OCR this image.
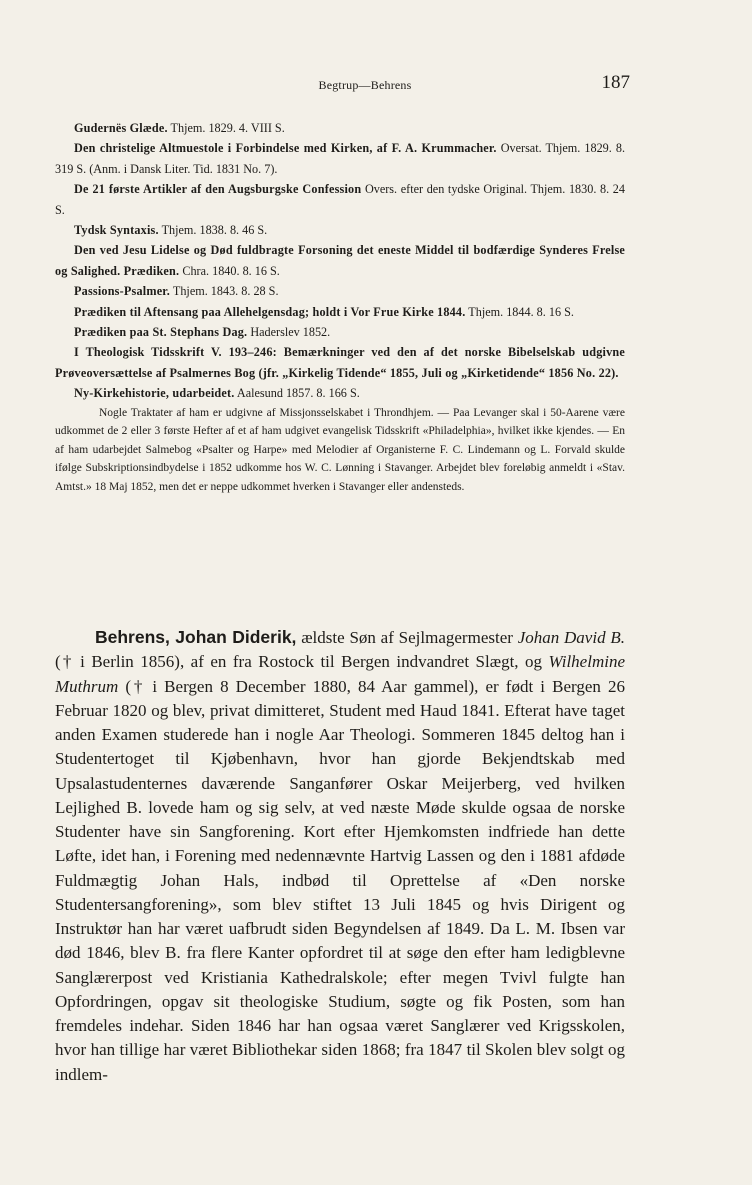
Begtrup—Behrens	187

Gudernës Glæde. Thjem. 1829. 4. VIII S.

Den christelige Altmuestole i Forbindelse med Kirken, af F. A. Krummacher. Oversat. Thjem. 1829. 8. 319 S. (Anm. i Dansk Liter. Tid. 1831 No. 7).

De 21 første Artikler af den Augsburgske Confession Overs. efter den tydske Original. Thjem. 1830. 8. 24 S.

Tydsk Syntaxis. Thjem. 1838. 8. 46 S.

Den ved Jesu Lidelse og Død fuldbragte Forsoning det eneste Middel til bodfærdige Synderes Frelse og Salighed. Prædiken. Chra. 1840. 8. 16 S.

Passions-Psalmer. Thjem. 1843. 8. 28 S.

Prædiken til Aftensang paa Allehelgensdag; holdt i Vor Frue Kirke 1844. Thjem. 1844. 8. 16 S.

Prædiken paa St. Stephans Dag. Haderslev 1852.

I Theologisk Tidsskrift V. 193–246: Bemærkninger ved den af det norske Bibelselskab udgivne Prøveoversættelse af Psalmernes Bog (jfr. „Kirkelig Tidende“ 1855, Juli og „Kirketidende“ 1856 No. 22).

Ny-Kirkehistorie, udarbeidet. Aalesund 1857. 8. 166 S.

Nogle Traktater af ham er udgivne af Missjonsselskabet i Throndhjem. — Paa Levanger skal i 50-Aarene være udkommet de 2 eller 3 første Hefter af et af ham udgivet evangelisk Tidsskrift «Philadelphia», hvilket ikke kjendes. — En af ham udarbejdet Salmebog «Psalter og Harpe» med Melodier af Organisterne F. C. Lindemann og L. Forvald skulde ifølge Subskriptionsindbydelse i 1852 udkomme hos W. C. Lønning i Stavanger. Arbejdet blev foreløbig anmeldt i «Stav. Amtst.» 18 Maj 1852, men det er neppe udkommet hverken i Stavanger eller andensteds.

Behrens, Johan Diderik, ældste Søn af Sejlmagermester Johan David B. († i Berlin 1856), af en fra Rostock til Bergen indvandret Slægt, og Wilhelmine Muthrum († i Bergen 8 December 1880, 84 Aar gammel), er født i Bergen 26 Februar 1820 og blev, privat dimitteret, Student med Haud 1841. Efterat have taget anden Examen studerede han i nogle Aar Theologi. Sommeren 1845 deltog han i Studentertoget til Kjøbenhavn, hvor han gjorde Bekjendtskab med Upsalastudenternes daværende Sanganfører Oskar Meijerberg, ved hvilken Lejlighed B. lovede ham og sig selv, at ved næste Møde skulde ogsaa de norske Studenter have sin Sangforening. Kort efter Hjemkomsten indfriede han dette Løfte, idet han, i Forening med nedennævnte Hartvig Lassen og den i 1881 afdøde Fuldmægtig Johan Hals, indbød til Oprettelse af «Den norske Studentersangforening», som blev stiftet 13 Juli 1845 og hvis Dirigent og Instruktør han har været uafbrudt siden Begyndelsen af 1849. Da L. M. Ibsen var død 1846, blev B. fra flere Kanter opfordret til at søge den efter ham ledigblevne Sanglærerpost ved Kristiania Kathedralskole; efter megen Tvivl fulgte han Opfordringen, opgav sit theologiske Studium, søgte og fik Posten, som han fremdeles indehar. Siden 1846 har han ogsaa været Sanglærer ved Krigsskolen, hvor han tillige har været Bibliothekar siden 1868; fra 1847 til Skolen blev solgt og indlem-
